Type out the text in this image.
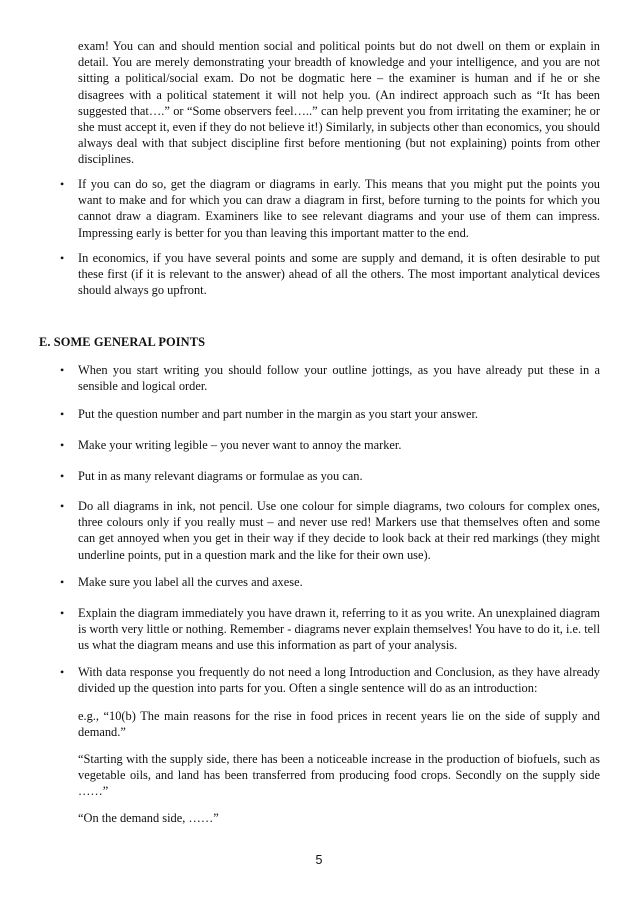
exam! You can and should mention social and political points but do not dwell on them or explain in detail. You are merely demonstrating your breadth of knowledge and your intelligence, and you are not sitting a political/social exam. Do not be dogmatic here – the examiner is human and if he or she disagrees with a political statement it will not help you. (An indirect approach such as “It has been suggested that….” or “Some observers feel…..” can help prevent you from irritating the examiner; he or she must accept it, even if they do not believe it!) Similarly, in subjects other than economics, you should always deal with that subject discipline first before mentioning (but not explaining) points from other disciplines.
• If you can do so, get the diagram or diagrams in early. This means that you might put the points you want to make and for which you can draw a diagram in first, before turning to the points for which you cannot draw a diagram. Examiners like to see relevant diagrams and your use of them can impress. Impressing early is better for you than leaving this important matter to the end.
• In economics, if you have several points and some are supply and demand, it is often desirable to put these first (if it is relevant to the answer) ahead of all the others. The most important analytical devices should always go upfront.
E. SOME GENERAL POINTS
• When you start writing you should follow your outline jottings, as you have already put these in a sensible and logical order.
• Put the question number and part number in the margin as you start your answer.
• Make your writing legible – you never want to annoy the marker.
• Put in as many relevant diagrams or formulae as you can.
• Do all diagrams in ink, not pencil. Use one colour for simple diagrams, two colours for complex ones, three colours only if you really must – and never use red! Markers use that themselves often and some can get annoyed when you get in their way if they decide to look back at their red markings (they might underline points, put in a question mark and the like for their own use).
• Make sure you label all the curves and axese.
• Explain the diagram immediately you have drawn it, referring to it as you write. An unexplained diagram is worth very little or nothing. Remember - diagrams never explain themselves! You have to do it, i.e. tell us what the diagram means and use this information as part of your analysis.
• With data response you frequently do not need a long Introduction and Conclusion, as they have already divided up the question into parts for you. Often a single sentence will do as an introduction:
e.g., “10(b) The main reasons for the rise in food prices in recent years lie on the side of supply and demand.”
“Starting with the supply side, there has been a noticeable increase in the production of biofuels, such as vegetable oils, and land has been transferred from producing food crops. Secondly on the supply side ……”
“On the demand side, ……”
5
